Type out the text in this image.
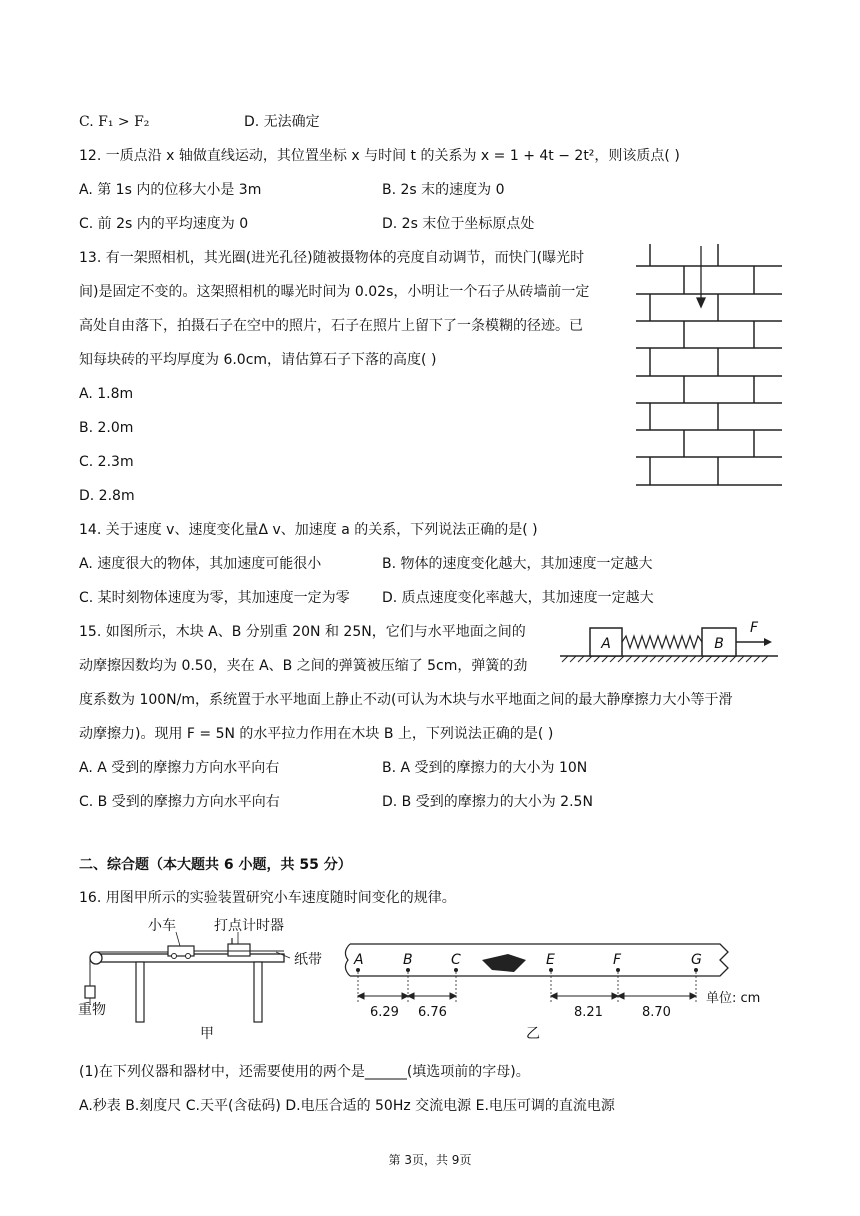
C. F₁ > F₂	D. 无法确定
12. 一质点沿 x 轴做直线运动，其位置坐标 x 与时间 t 的关系为 x = 1 + 4t − 2t²，则该质点( )
A. 第 1s 内的位移大小是 3m	B. 2s 末的速度为 0
C. 前 2s 内的平均速度为 0	D. 2s 末位于坐标原点处
13. 有一架照相机，其光圈(进光孔径)随被摄物体的亮度自动调节，而快门(曝光时
间)是固定不变的。这架照相机的曝光时间为 0.02s，小明让一个石子从砖墙前一定
高处自由落下，拍摄石子在空中的照片，石子在照片上留下了一条模糊的径迹。已
知每块砖的平均厚度为 6.0cm，请估算石子下落的高度( )
A. 1.8m
B. 2.0m
C. 2.3m
D. 2.8m
14. 关于速度 v、速度变化量Δ v、加速度 a 的关系，下列说法正确的是( )
A. 速度很大的物体，其加速度可能很小	B. 物体的速度变化越大，其加速度一定越大
C. 某时刻物体速度为零，其加速度一定为零 D. 质点速度变化率越大，其加速度一定越大
15. 如图所示，木块 A、B 分别重 20N 和 25N，它们与水平地面之间的
动摩擦因数均为 0.50，夹在 A、B 之间的弹簧被压缩了 5cm，弹簧的劲
度系数为 100N/m，系统置于水平地面上静止不动(可认为木块与水平地面之间的最大静摩擦力大小等于滑
动摩擦力)。现用 F = 5N 的水平拉力作用在木块 B 上，下列说法正确的是( )
A. A 受到的摩擦力方向水平向右	B. A 受到的摩擦力的大小为 10N
C. B 受到的摩擦力方向水平向右	D. B 受到的摩擦力的大小为 2.5N
A	B
F
二、综合题（本大题共 6 小题，共 55 分）
16. 用图甲所示的实验装置研究小车速度随时间变化的规律。
小车	打点计时器
纸带
重物
甲
A	B	C	E	F	G
6.29 6.76	8.21	8.70
单位: cm
乙
(1)在下列仪器和器材中，还需要使用的两个是______(填选项前的字母)。
A.秒表 B.刻度尺 C.天平(含砝码) D.电压合适的 50Hz 交流电源 E.电压可调的直流电源
第 3页，共 9页
